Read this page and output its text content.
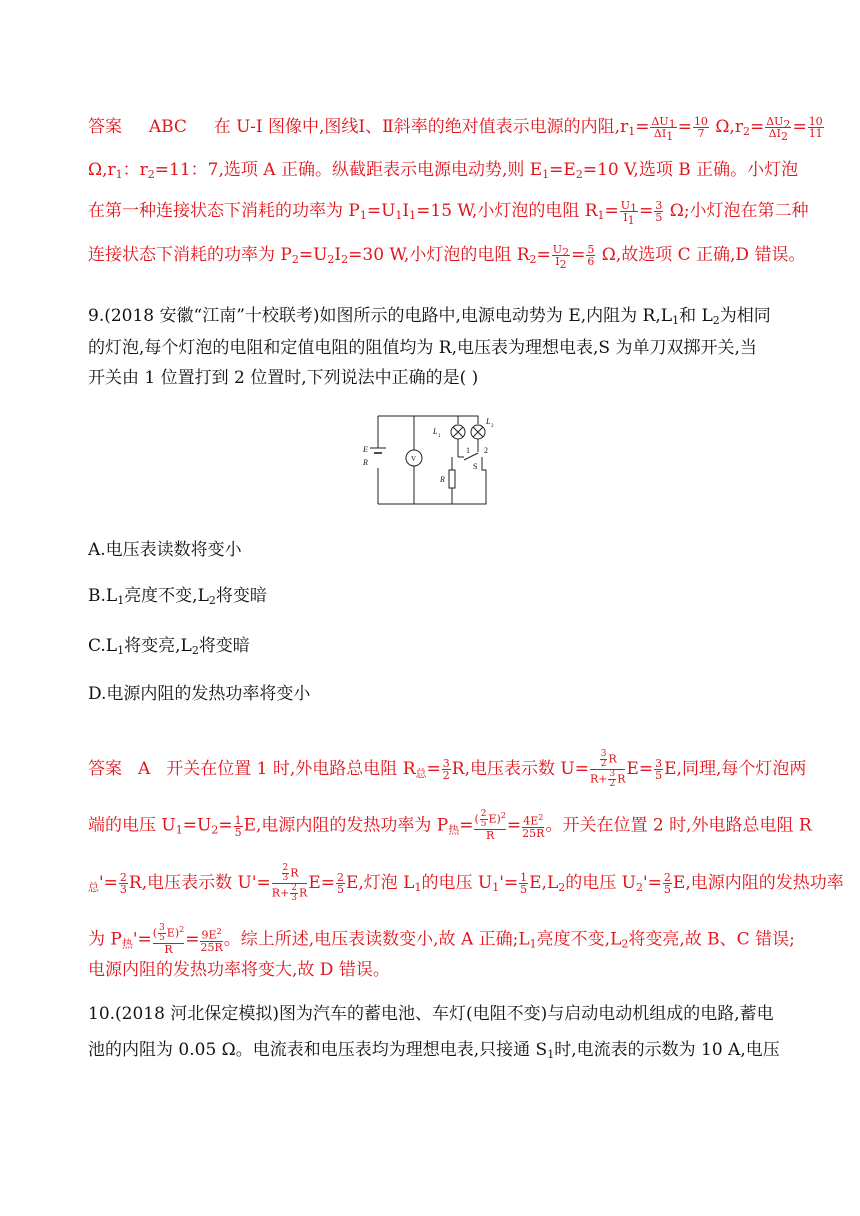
答案 ABC 在 U-I 图像中,图线Ⅰ、Ⅱ斜率的绝对值表示电源的内阻$,r_1= \frac{\Delta U_1}{\Delta I_1} = \frac{10}{7} \Omega,r_2= \frac{\Delta U_2}{\Delta I_2} = \frac{10}{11}$
$\Omega,r_1$：$r_2=11$：7,选项 A 正确。纵截距表示电源电动势,则 $E_1=E_2=10$ V,选项 B 正确。小灯泡
在第一种连接状态下消耗的功率为 $P_1=U_1I_1=15$ W,小灯泡的电阻 $R_1= \frac{U_1}{I_1} = \frac{3}{5} \Omega$;小灯泡在第二种
连接状态下消耗的功率为 $P_2=U_2I_2=30$ W,小灯泡的电阻 $R_2= \frac{U_2}{I_2} = \frac{5}{6} \Omega$,故选项 C 正确,D 错误。
9.(2018 安徽“江南”十校联考)如图所示的电路中,电源电动势为 E,内阻为 $R,L_1$和 $L_2$为相同
的灯泡,每个灯泡的电阻和定值电阻的阻值均为 R,电压表为理想电表,S 为单刀双掷开关,当
开关由 1 位置打到 2 位置时,下列说法中正确的是( )
E
R	V
L
1
L
2
1 2
S
R
A.电压表读数将变小
$B.L_1$亮度不变$,L_2$将变暗
$C.L_1$将变亮$,L_2$将变暗
D.电源内阻的发热功率将变小
答案 A 开关在位置 1 时,外电路总电阻 $R_总= \frac{3}{2} R$,电压表示数 $U= \frac{\frac{3}{2} R}{R+ \frac{3}{2} R} E= \frac{3}{5} E$,同理,每个灯泡两
端的电压 $U_1=U_2= \frac{1}{5} E$,电源内阻的发热功率为 $P_热= \frac{( \frac{2}{5} E)^2}{R} = \frac{4E^2}{25R}$ 。开关在位置 2 时,外电路总电阻 R
$_总'= \frac{2}{3} R$,电压表示数 $U'= \frac{\frac{2}{3} R}{R+ \frac{2}{3} R} E= \frac{2}{5} E$,灯泡 $L_1$的电压 $U_1'= \frac{1}{5} E,L_2$的电压 $U_2'= \frac{2}{5} E$,电源内阻的发热功率
为 $P_热'= \frac{( \frac{3}{5} E)^2}{R} = \frac{9E^2}{25R}$ 。综上所述,电压表读数变小,故 A 正确$;L_1$亮度不变$,L_2$将变亮,故 B、C 错误;
电源内阻的发热功率将变大,故 D 错误。
10.(2018 河北保定模拟)图为汽车的蓄电池、车灯(电阻不变)与启动电动机组成的电路,蓄电
池的内阻为 0.05 Ω。电流表和电压表均为理想电表,只接通 $S_1$时,电流表的示数为 10 A,电压
